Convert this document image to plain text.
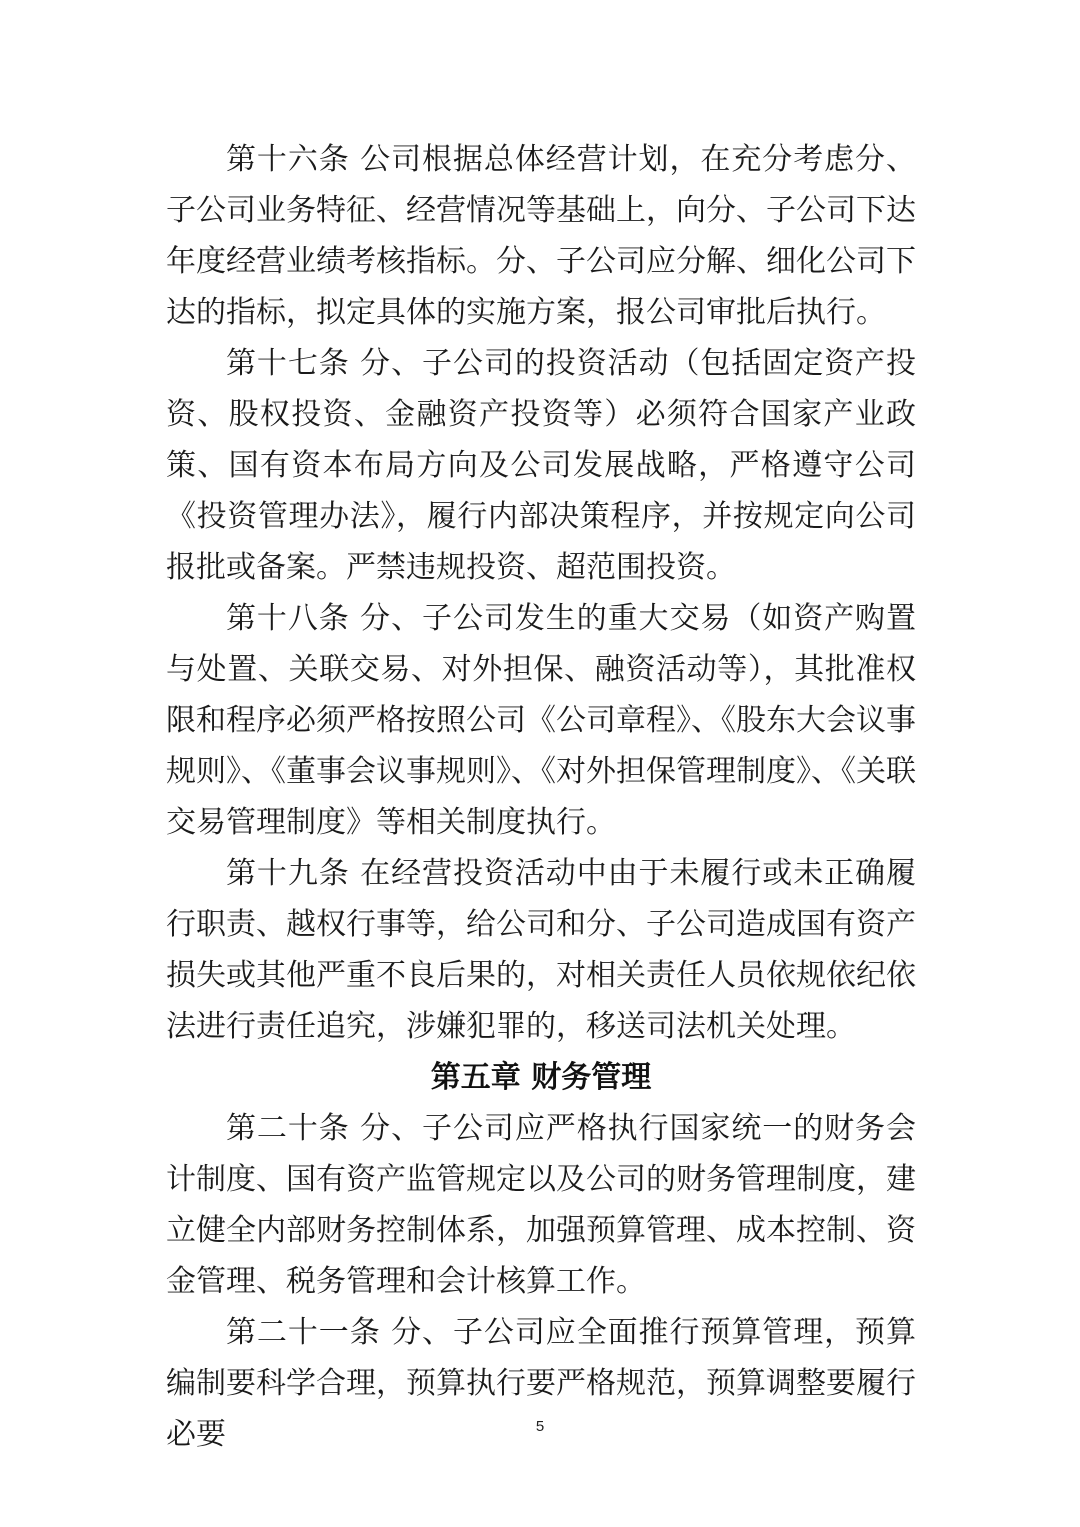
第十六条 公司根据总体经营计划，在充分考虑分、子公司业务特征、经营情况等基础上，向分、子公司下达年度经营业绩考核指标。分、子公司应分解、细化公司下达的指标，拟定具体的实施方案，报公司审批后执行。

第十七条 分、子公司的投资活动（包括固定资产投资、股权投资、金融资产投资等）必须符合国家产业政策、国有资本布局方向及公司发展战略，严格遵守公司《投资管理办法》，履行内部决策程序，并按规定向公司报批或备案。严禁违规投资、超范围投资。

第十八条 分、子公司发生的重大交易（如资产购置与处置、关联交易、对外担保、融资活动等），其批准权限和程序必须严格按照公司《公司章程》、《股东大会议事规则》、《董事会议事规则》、《对外担保管理制度》、《关联交易管理制度》等相关制度执行。

第十九条 在经营投资活动中由于未履行或未正确履行职责、越权行事等，给公司和分、子公司造成国有资产损失或其他严重不良后果的，对相关责任人员依规依纪依法进行责任追究，涉嫌犯罪的，移送司法机关处理。

第五章 财务管理

第二十条 分、子公司应严格执行国家统一的财务会计制度、国有资产监管规定以及公司的财务管理制度，建立健全内部财务控制体系，加强预算管理、成本控制、资金管理、税务管理和会计核算工作。

第二十一条 分、子公司应全面推行预算管理，预算编制要科学合理，预算执行要严格规范，预算调整要履行必要	5
